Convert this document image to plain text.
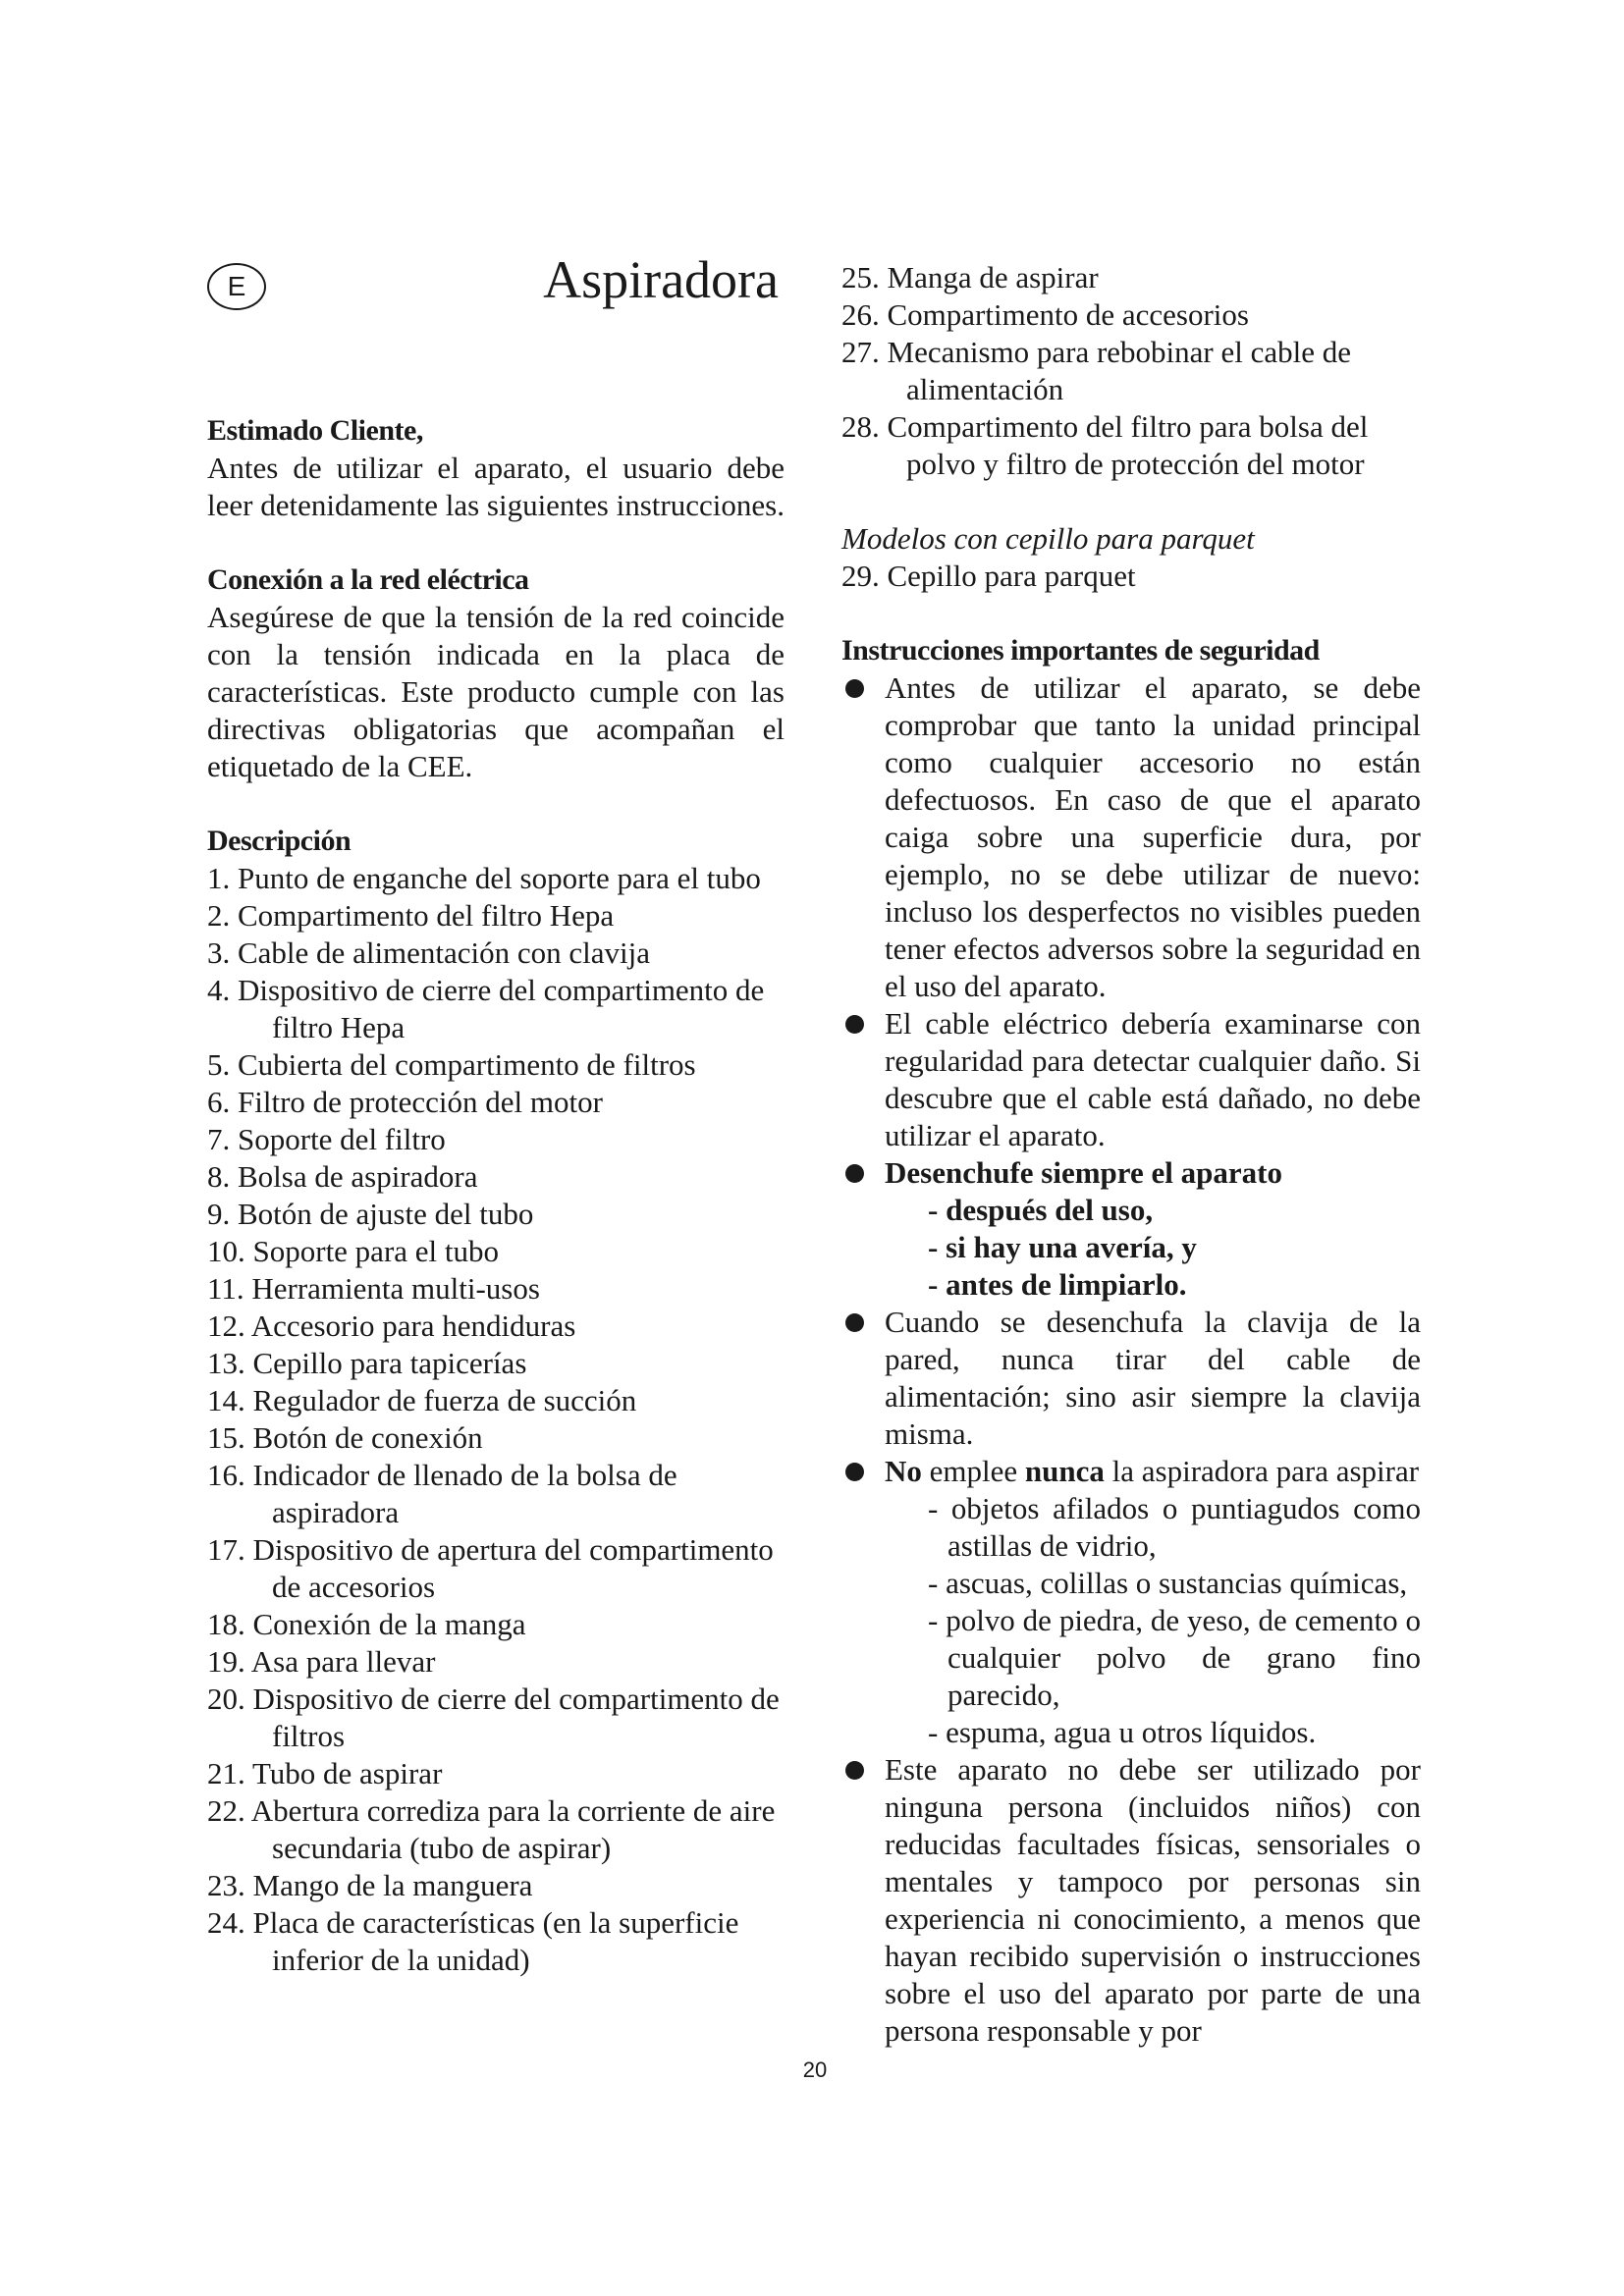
E	Aspiradora
Estimado Cliente,
Antes de utilizar el aparato, el usuario debe leer detenidamente las siguientes instrucciones.
Conexión a la red eléctrica
Asegúrese de que la tensión de la red coincide con la tensión indicada en la placa de características. Este producto cumple con las directivas obligatorias que acompañan el etiquetado de la CEE.
Descripción
1. Punto de enganche del soporte para el tubo
2. Compartimento del filtro Hepa
3. Cable de alimentación con clavija
4. Dispositivo de cierre del compartimento de filtro Hepa
5. Cubierta del compartimento de filtros
6. Filtro de protección del motor
7. Soporte del filtro
8. Bolsa de aspiradora
9. Botón de ajuste del tubo
10. Soporte para el tubo
11. Herramienta multi-usos
12. Accesorio para hendiduras
13. Cepillo para tapicerías
14. Regulador de fuerza de succión
15. Botón de conexión
16. Indicador de llenado de la bolsa de aspiradora
17. Dispositivo de apertura del compartimento de accesorios
18. Conexión de la manga
19. Asa para llevar
20. Dispositivo de cierre del compartimento de filtros
21. Tubo de aspirar
22. Abertura corrediza para la corriente de aire secundaria (tubo de aspirar)
23. Mango de la manguera
24. Placa de características (en la superficie inferior de la unidad)
25. Manga de aspirar
26. Compartimento de accesorios
27. Mecanismo para rebobinar el cable de alimentación
28. Compartimento del filtro para bolsa del polvo y filtro de protección del motor
Modelos con cepillo para parquet
29. Cepillo para parquet
Instrucciones importantes de seguridad
Antes de utilizar el aparato, se debe comprobar que tanto la unidad principal como cualquier accesorio no están defectuosos. En caso de que el aparato caiga sobre una superficie dura, por ejemplo, no se debe utilizar de nuevo: incluso los desperfectos no visibles pueden tener efectos adversos sobre la seguridad en el uso del aparato.
El cable eléctrico debería examinarse con regularidad para detectar cualquier daño. Si descubre que el cable está dañado, no debe utilizar el aparato.
Desenchufe siempre el aparato
- después del uso,
- si hay una avería, y
- antes de limpiarlo.
Cuando se desenchufa la clavija de la pared, nunca tirar del cable de alimentación; sino asir siempre la clavija misma.
No emplee nunca la aspiradora para aspirar
- objetos afilados o puntiagudos como astillas de vidrio,
- ascuas, colillas o sustancias químicas,
- polvo de piedra, de yeso, de cemento o cualquier polvo de grano fino parecido,
- espuma, agua u otros líquidos.
Este aparato no debe ser utilizado por ninguna persona (incluidos niños) con reducidas facultades físicas, sensoriales o mentales y tampoco por personas sin experiencia ni conocimiento, a menos que hayan recibido supervisión o instrucciones sobre el uso del aparato por parte de una persona responsable y por
20
